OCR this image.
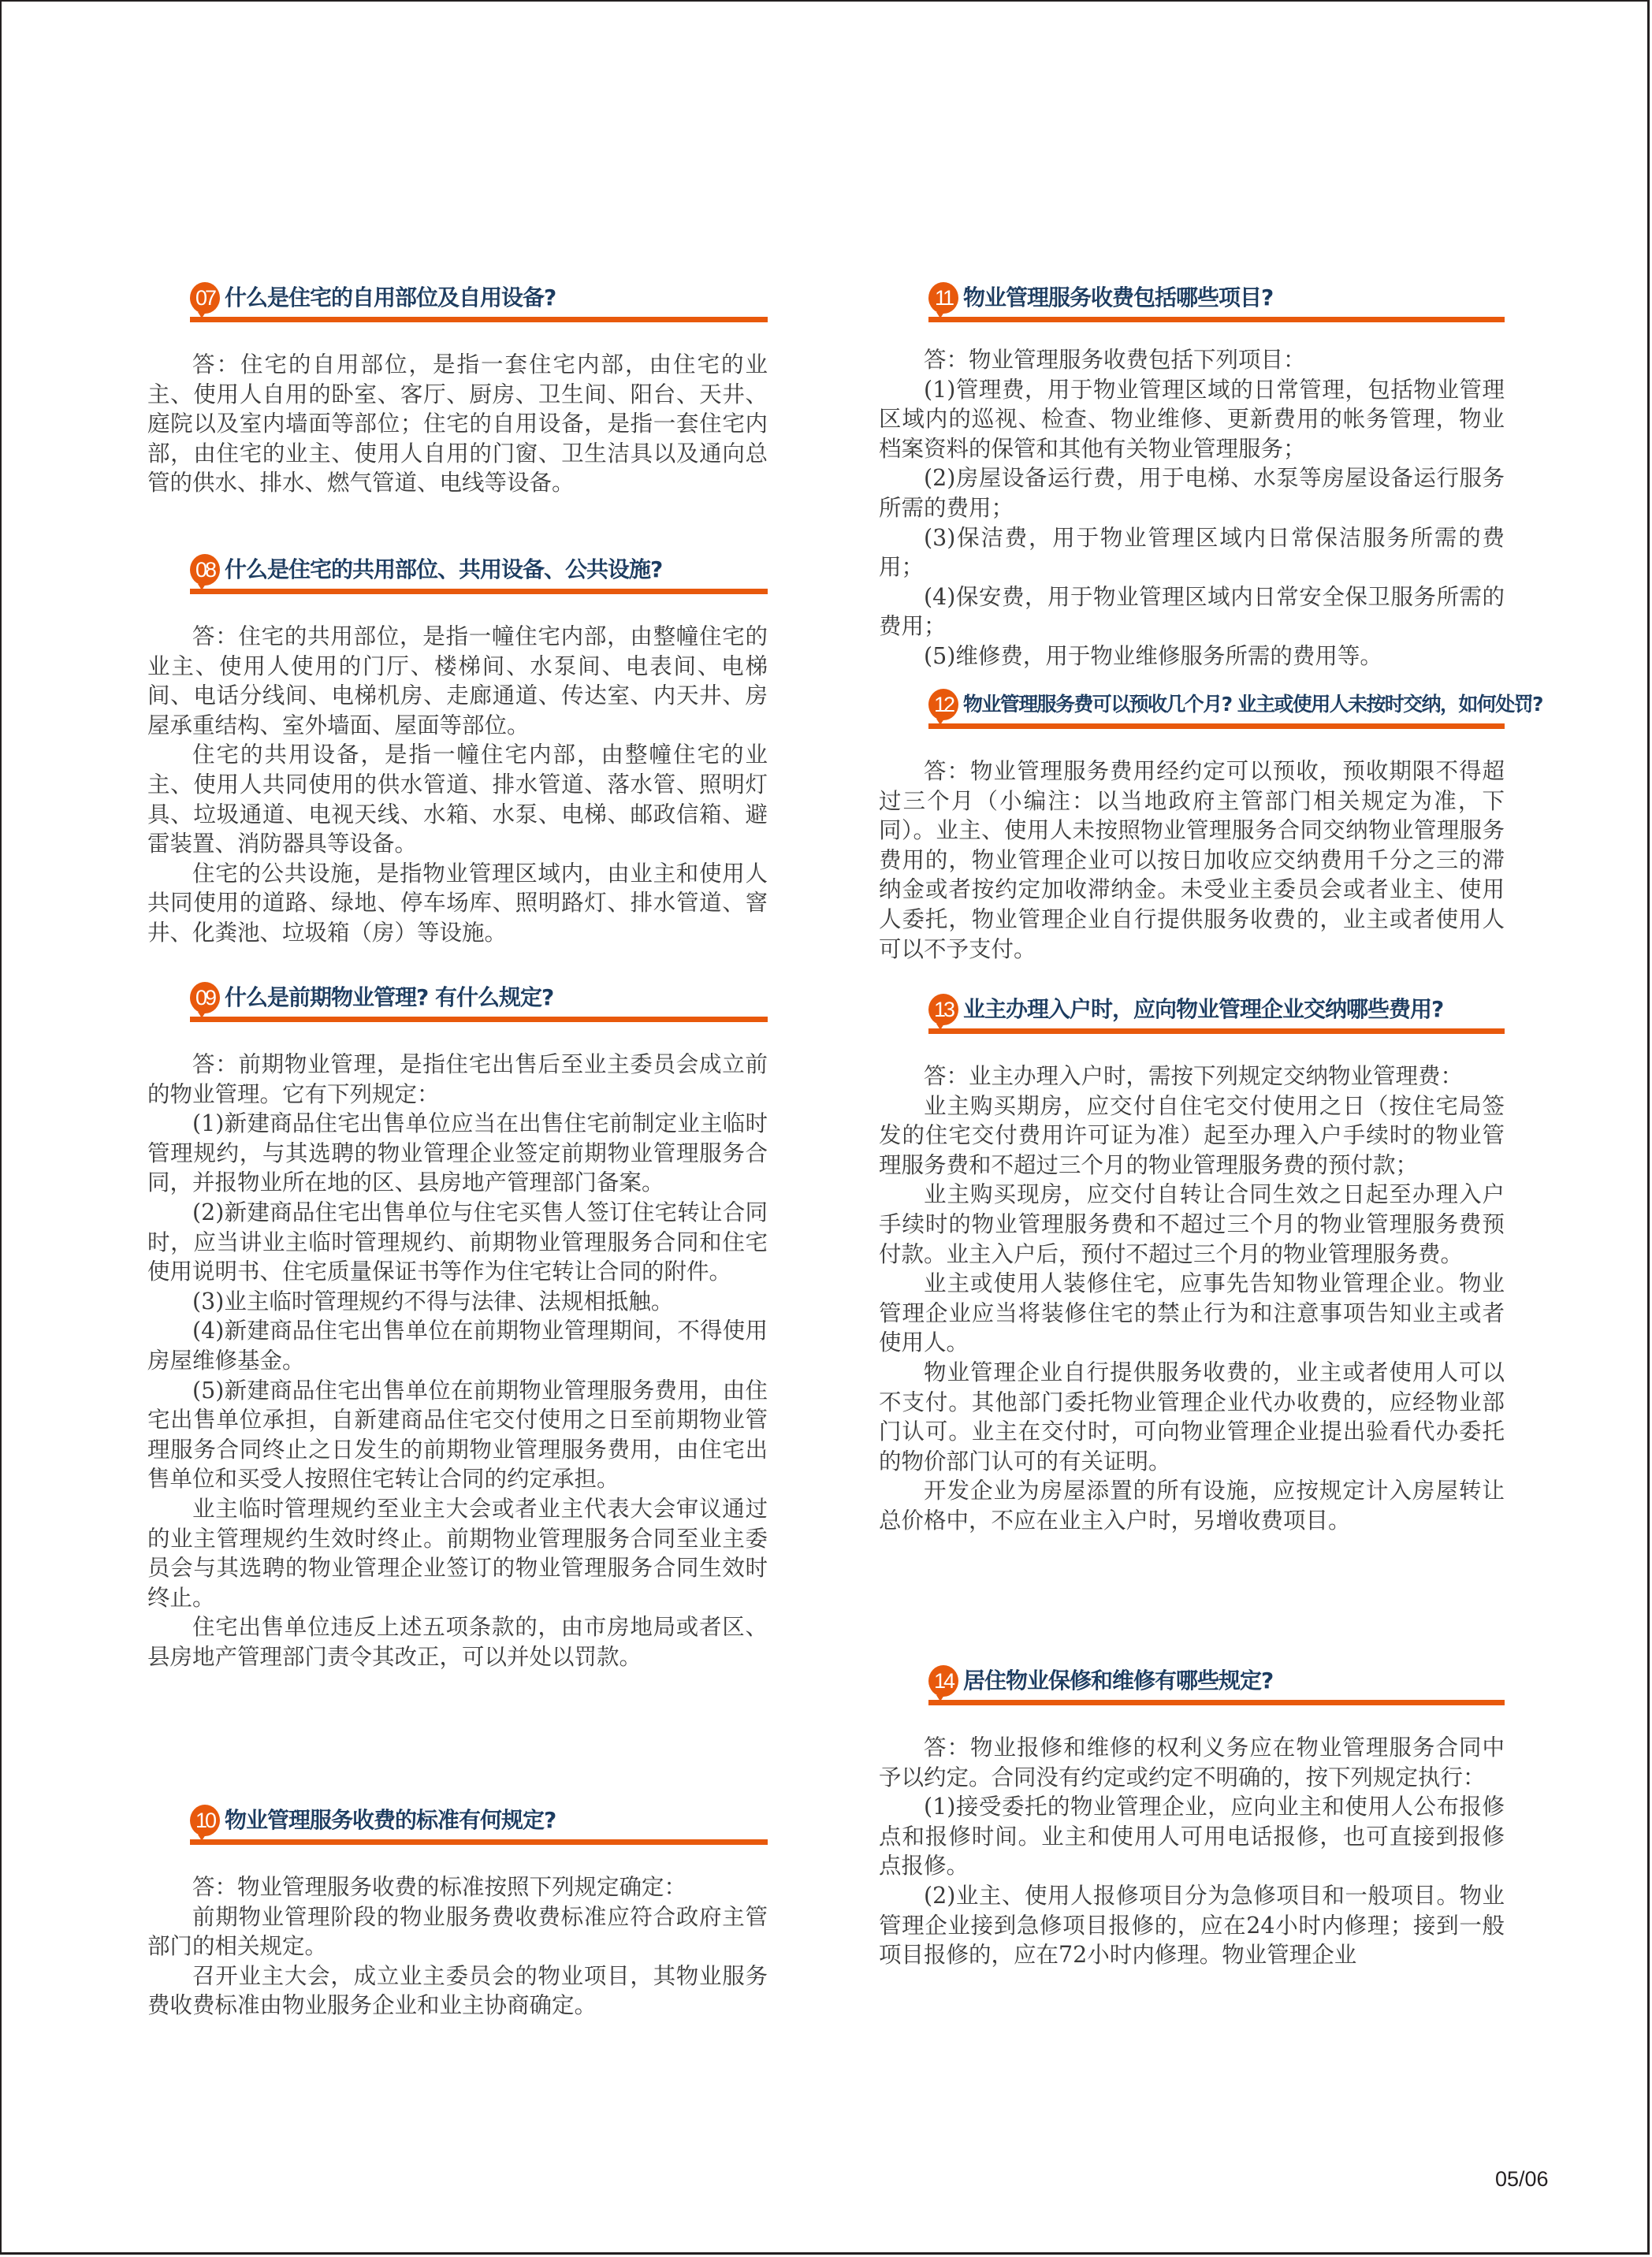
07 什么是住宅的自用部位及自用设备?

答：住宅的自用部位，是指一套住宅内部，由住宅的业主、使用人自用的卧室、客厅、厨房、卫生间、阳台、天井、庭院以及室内墙面等部位；住宅的自用设备，是指一套住宅内部，由住宅的业主、使用人自用的门窗、卫生洁具以及通向总管的供水、排水、燃气管道、电线等设备。

08 什么是住宅的共用部位、共用设备、公共设施?

答：住宅的共用部位，是指一幢住宅内部，由整幢住宅的业主、使用人使用的门厅、楼梯间、水泵间、电表间、电梯间、电话分线间、电梯机房、走廊通道、传达室、内天井、房屋承重结构、室外墙面、屋面等部位。

住宅的共用设备，是指一幢住宅内部，由整幢住宅的业主、使用人共同使用的供水管道、排水管道、落水管、照明灯具、垃圾通道、电视天线、水箱、水泵、电梯、邮政信箱、避雷装置、消防器具等设备。

住宅的公共设施，是指物业管理区域内，由业主和使用人共同使用的道路、绿地、停车场库、照明路灯、排水管道、窨井、化粪池、垃圾箱（房）等设施。

09 什么是前期物业管理? 有什么规定?

答：前期物业管理，是指住宅出售后至业主委员会成立前的物业管理。它有下列规定：

(1)新建商品住宅出售单位应当在出售住宅前制定业主临时管理规约，与其选聘的物业管理企业签定前期物业管理服务合同，并报物业所在地的区、县房地产管理部门备案。

(2)新建商品住宅出售单位与住宅买售人签订住宅转让合同时，应当讲业主临时管理规约、前期物业管理服务合同和住宅使用说明书、住宅质量保证书等作为住宅转让合同的附件。

(3)业主临时管理规约不得与法律、法规相抵触。

(4)新建商品住宅出售单位在前期物业管理期间，不得使用房屋维修基金。

(5)新建商品住宅出售单位在前期物业管理服务费用，由住宅出售单位承担，自新建商品住宅交付使用之日至前期物业管理服务合同终止之日发生的前期物业管理服务费用，由住宅出售单位和买受人按照住宅转让合同的约定承担。

业主临时管理规约至业主大会或者业主代表大会审议通过的业主管理规约生效时终止。前期物业管理服务合同至业主委员会与其选聘的物业管理企业签订的物业管理服务合同生效时终止。

住宅出售单位违反上述五项条款的，由市房地局或者区、县房地产管理部门责令其改正，可以并处以罚款。

10 物业管理服务收费的标准有何规定?

答：物业管理服务收费的标准按照下列规定确定：

前期物业管理阶段的物业服务费收费标准应符合政府主管部门的相关规定。

召开业主大会，成立业主委员会的物业项目，其物业服务费收费标准由物业服务企业和业主协商确定。

11 物业管理服务收费包括哪些项目?

答：物业管理服务收费包括下列项目：

(1)管理费，用于物业管理区域的日常管理，包括物业管理区域内的巡视、检查、物业维修、更新费用的帐务管理，物业档案资料的保管和其他有关物业管理服务；

(2)房屋设备运行费，用于电梯、水泵等房屋设备运行服务所需的费用；

(3)保洁费，用于物业管理区域内日常保洁服务所需的费用；

(4)保安费，用于物业管理区域内日常安全保卫服务所需的费用；

(5)维修费，用于物业维修服务所需的费用等。

12 物业管理服务费可以预收几个月? 业主或使用人未按时交纳，如何处罚?

答：物业管理服务费用经约定可以预收，预收期限不得超过三个月（小编注：以当地政府主管部门相关规定为准，下同）。业主、使用人未按照物业管理服务合同交纳物业管理服务费用的，物业管理企业可以按日加收应交纳费用千分之三的滞纳金或者按约定加收滞纳金。未受业主委员会或者业主、使用人委托，物业管理企业自行提供服务收费的，业主或者使用人可以不予支付。

13 业主办理入户时，应向物业管理企业交纳哪些费用?

答：业主办理入户时，需按下列规定交纳物业管理费：

业主购买期房，应交付自住宅交付使用之日（按住宅局签发的住宅交付费用许可证为准）起至办理入户手续时的物业管理服务费和不超过三个月的物业管理服务费的预付款；

业主购买现房，应交付自转让合同生效之日起至办理入户手续时的物业管理服务费和不超过三个月的物业管理服务费预付款。业主入户后，预付不超过三个月的物业管理服务费。

业主或使用人装修住宅，应事先告知物业管理企业。物业管理企业应当将装修住宅的禁止行为和注意事项告知业主或者使用人。

物业管理企业自行提供服务收费的，业主或者使用人可以不支付。其他部门委托物业管理企业代办收费的，应经物业部门认可。业主在交付时，可向物业管理企业提出验看代办委托的物价部门认可的有关证明。

开发企业为房屋添置的所有设施，应按规定计入房屋转让总价格中，不应在业主入户时，另增收费项目。

14 居住物业保修和维修有哪些规定?

答：物业报修和维修的权利义务应在物业管理服务合同中予以约定。合同没有约定或约定不明确的，按下列规定执行：

(1)接受委托的物业管理企业，应向业主和使用人公布报修点和报修时间。业主和使用人可用电话报修，也可直接到报修点报修。

(2)业主、使用人报修项目分为急修项目和一般项目。物业管理企业接到急修项目报修的，应在24小时内修理；接到一般项目报修的，应在72小时内修理。物业管理企业

05/06
